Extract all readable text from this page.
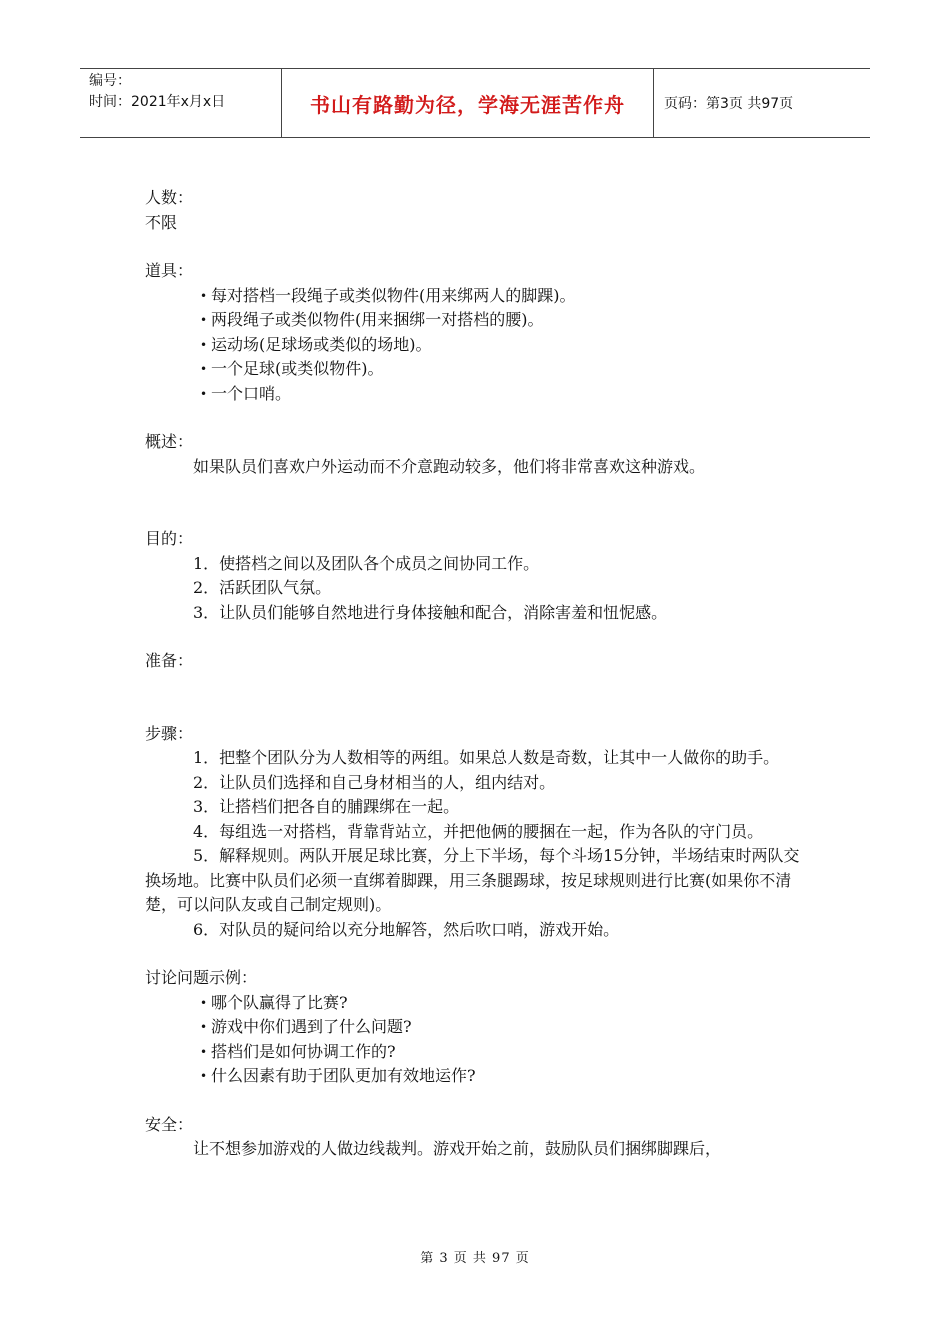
编号：
时间：2021年x月x日	书山有路勤为径，学海无涯苦作舟	页码：第3页 共97页

人数：

不限

道具：

• 每对搭档一段绳子或类似物件(用来绑两人的脚踝)。
• 两段绳子或类似物件(用来捆绑一对搭档的腰)。
• 运动场(足球场或类似的场地)。
• 一个足球(或类似物件)。
• 一个口哨。

概述：

如果队员们喜欢户外运动而不介意跑动较多，他们将非常喜欢这种游戏。

目的：

1．使搭档之间以及团队各个成员之间协同工作。

2．活跃团队气氛。

3．让队员们能够自然地进行身体接触和配合，消除害羞和忸怩感。

准备：

步骤：

1．把整个团队分为人数相等的两组。如果总人数是奇数，让其中一人做你的助手。

2．让队员们选择和自己身材相当的人，组内结对。

3．让搭档们把各自的脯踝绑在一起。

4．每组选一对搭档，背靠背站立，并把他俩的腰捆在一起，作为各队的守门员。

5．解释规则。两队开展足球比赛，分上下半场，每个斗场15分钟，半场结束时两队交换场地。比赛中队员们必须一直绑着脚踝，用三条腿踢球，按足球规则进行比赛(如果你不清楚，可以问队友或自己制定规则)。

6．对队员的疑问给以充分地解答，然后吹口哨，游戏开始。

讨论问题示例：

• 哪个队赢得了比赛?
• 游戏中你们遇到了什么问题?
• 搭档们是如何协调工作的?
• 什么因素有助于团队更加有效地运作?

安全：

让不想参加游戏的人做边线裁判。游戏开始之前，鼓励队员们捆绑脚踝后，

第 3 页 共 97 页
